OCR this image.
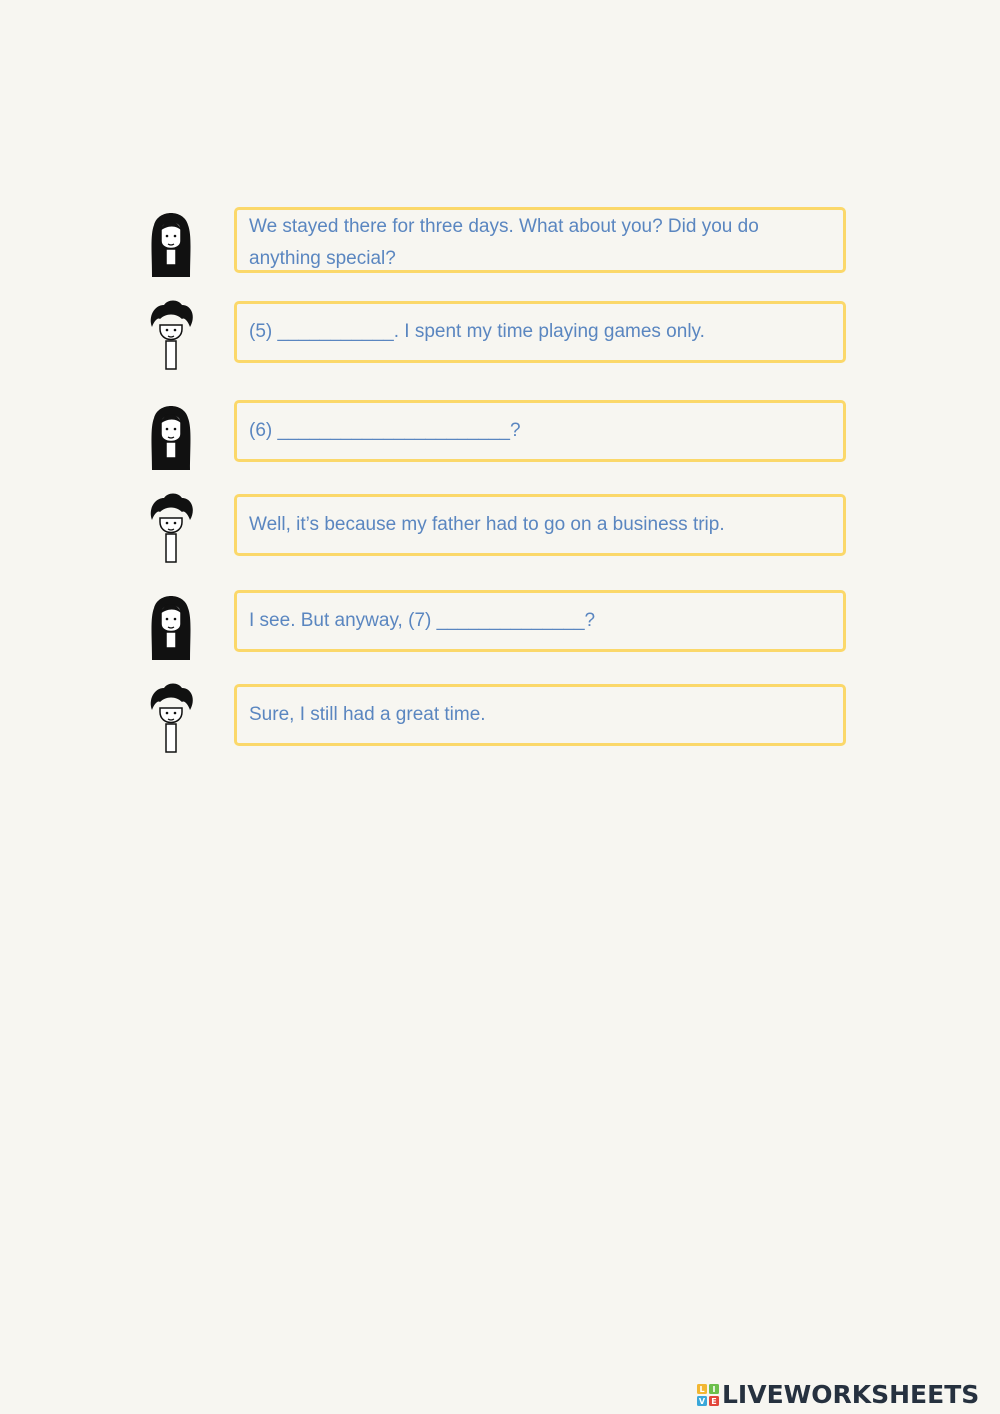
We stayed there for three days. What about you? Did you do anything special?
(5) ___________. I spent my time playing games only.
(6) ______________________?
Well, it’s because my father had to go on a business trip.
I see. But anyway, (7) ______________?
Sure, I still had a great time.
L I
V E LIVEWORKSHEETS
